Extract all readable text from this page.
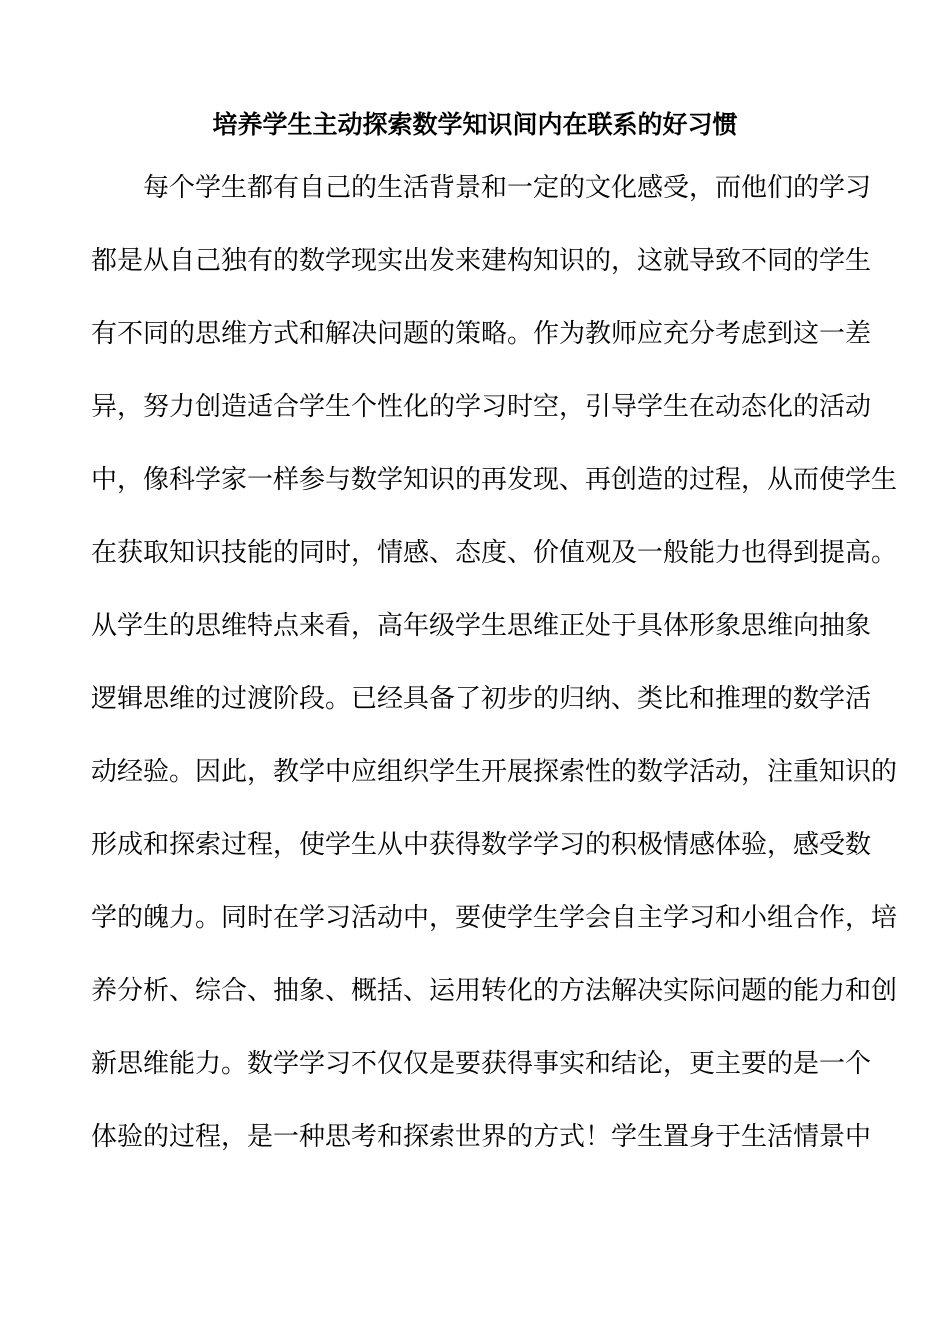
培养学生主动探索数学知识间内在联系的好习惯
每个学生都有自己的生活背景和一定的文化感受，而他们的学习
都是从自己独有的数学现实出发来建构知识的，这就导致不同的学生
有不同的思维方式和解决问题的策略。作为教师应充分考虑到这一差
异，努力创造适合学生个性化的学习时空，引导学生在动态化的活动
中，像科学家一样参与数学知识的再发现、再创造的过程，从而使学生
在获取知识技能的同时，情感、态度、价值观及一般能力也得到提高。
从学生的思维特点来看，高年级学生思维正处于具体形象思维向抽象
逻辑思维的过渡阶段。已经具备了初步的归纳、类比和推理的数学活
动经验。因此，教学中应组织学生开展探索性的数学活动，注重知识的
形成和探索过程，使学生从中获得数学学习的积极情感体验，感受数
学的魄力。同时在学习活动中，要使学生学会自主学习和小组合作，培
养分析、综合、抽象、概括、运用转化的方法解决实际问题的能力和创
新思维能力。数学学习不仅仅是要获得事实和结论，更主要的是一个
体验的过程，是一种思考和探索世界的方式！学生置身于生活情景中
